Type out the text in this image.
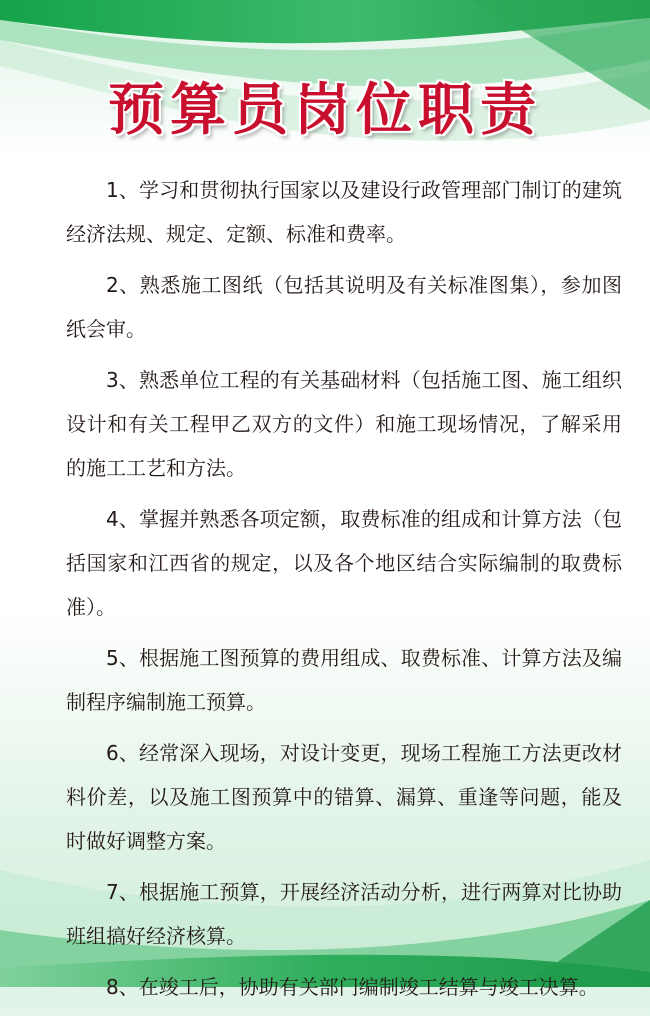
预算员岗位职责

1、学习和贯彻执行国家以及建设行政管理部门制订的建筑经济法规、规定、定额、标准和费率。

2、熟悉施工图纸（包括其说明及有关标准图集），参加图纸会审。

3、熟悉单位工程的有关基础材料（包括施工图、施工组织设计和有关工程甲乙双方的文件）和施工现场情况，了解采用的施工工艺和方法。

4、掌握并熟悉各项定额，取费标准的组成和计算方法（包括国家和江西省的规定，以及各个地区结合实际编制的取费标准）。

5、根据施工图预算的费用组成、取费标准、计算方法及编制程序编制施工预算。

6、经常深入现场，对设计变更，现场工程施工方法更改材料价差，以及施工图预算中的错算、漏算、重逢等问题，能及时做好调整方案。

7、根据施工预算，开展经济活动分析，进行两算对比协助班组搞好经济核算。

8、在竣工后，协助有关部门编制竣工结算与竣工决算。
